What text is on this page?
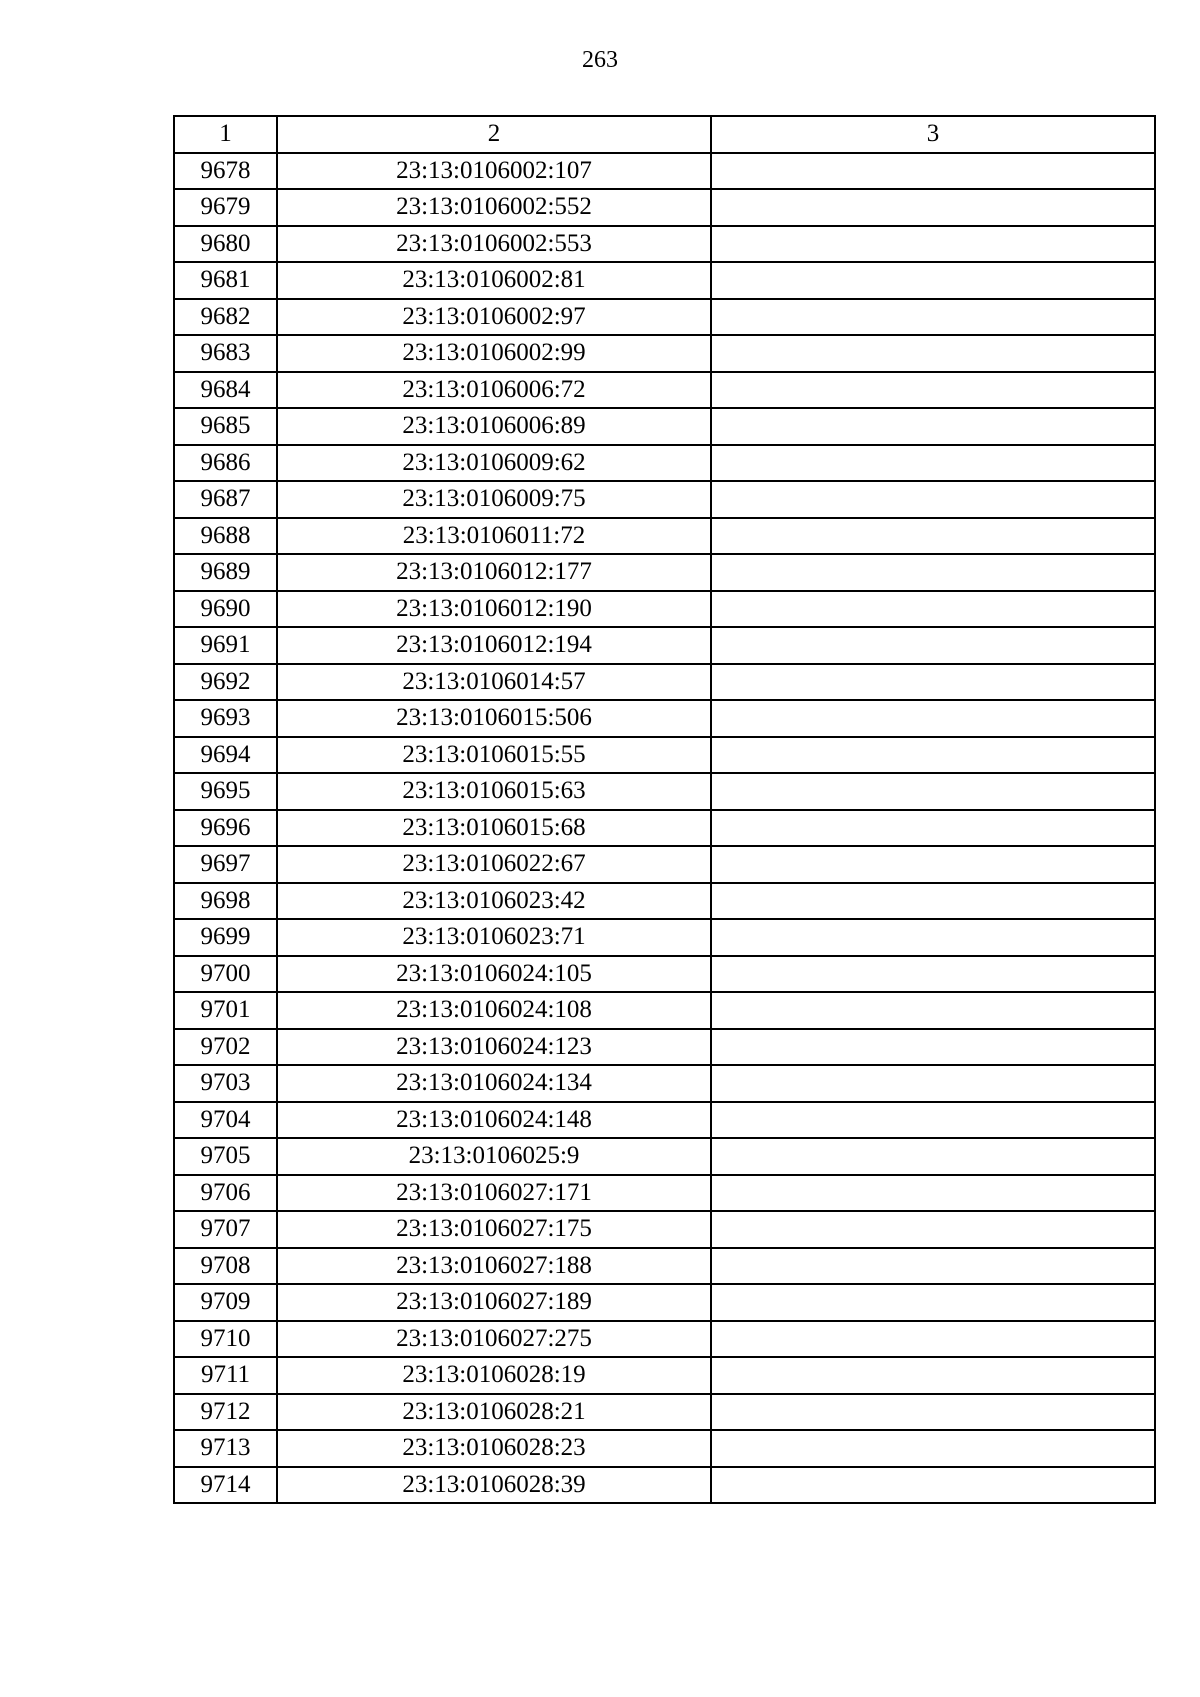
263
1	2	3
9678	23:13:0106002:107	
9679	23:13:0106002:552	
9680	23:13:0106002:553	
9681	23:13:0106002:81	
9682	23:13:0106002:97	
9683	23:13:0106002:99	
9684	23:13:0106006:72	
9685	23:13:0106006:89	
9686	23:13:0106009:62	
9687	23:13:0106009:75	
9688	23:13:0106011:72	
9689	23:13:0106012:177	
9690	23:13:0106012:190	
9691	23:13:0106012:194	
9692	23:13:0106014:57	
9693	23:13:0106015:506	
9694	23:13:0106015:55	
9695	23:13:0106015:63	
9696	23:13:0106015:68	
9697	23:13:0106022:67	
9698	23:13:0106023:42	
9699	23:13:0106023:71	
9700	23:13:0106024:105	
9701	23:13:0106024:108	
9702	23:13:0106024:123	
9703	23:13:0106024:134	
9704	23:13:0106024:148	
9705	23:13:0106025:9	
9706	23:13:0106027:171	
9707	23:13:0106027:175	
9708	23:13:0106027:188	
9709	23:13:0106027:189	
9710	23:13:0106027:275	
9711	23:13:0106028:19	
9712	23:13:0106028:21	
9713	23:13:0106028:23	
9714	23:13:0106028:39	
